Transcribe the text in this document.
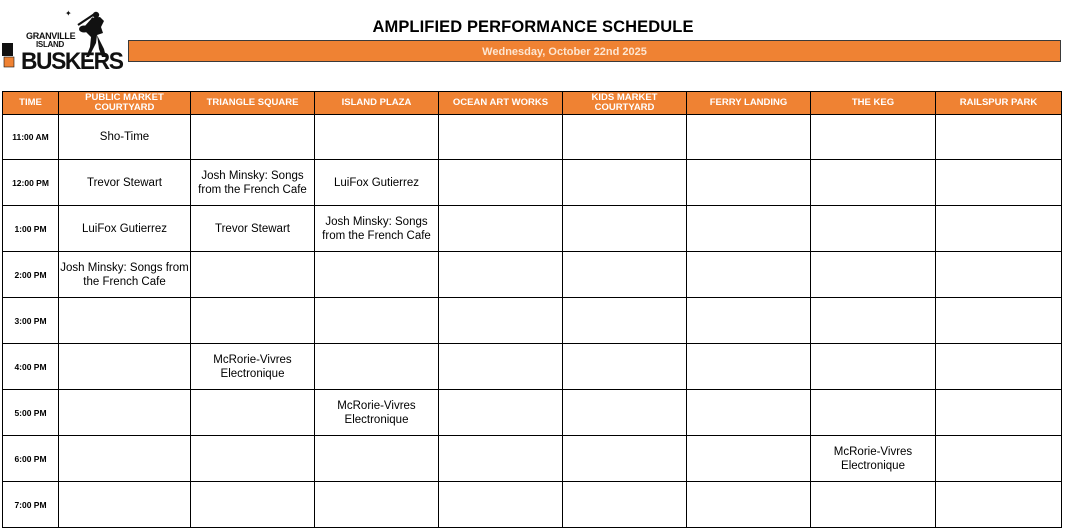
✦
GRANVILLE
ISLAND
BUSKERS
AMPLIFIED PERFORMANCE SCHEDULE
Wednesday, October 22nd 2025
TIME	PUBLIC MARKET COURTYARD	TRIANGLE SQUARE	ISLAND PLAZA	OCEAN ART WORKS	KIDS MARKET COURTYARD	FERRY LANDING	THE KEG	RAILSPUR PARK
11:00 AM	Sho-Time							
12:00 PM	Trevor Stewart	Josh Minsky: Songs from the French Cafe	LuiFox Gutierrez					
1:00 PM	LuiFox Gutierrez	Trevor Stewart	Josh Minsky: Songs from the French Cafe					
2:00 PM	Josh Minsky: Songs from the French Cafe							
3:00 PM								
4:00 PM		McRorie-Vivres Electronique						
5:00 PM			McRorie-Vivres Electronique					
6:00 PM							McRorie-Vivres Electronique	
7:00 PM								
